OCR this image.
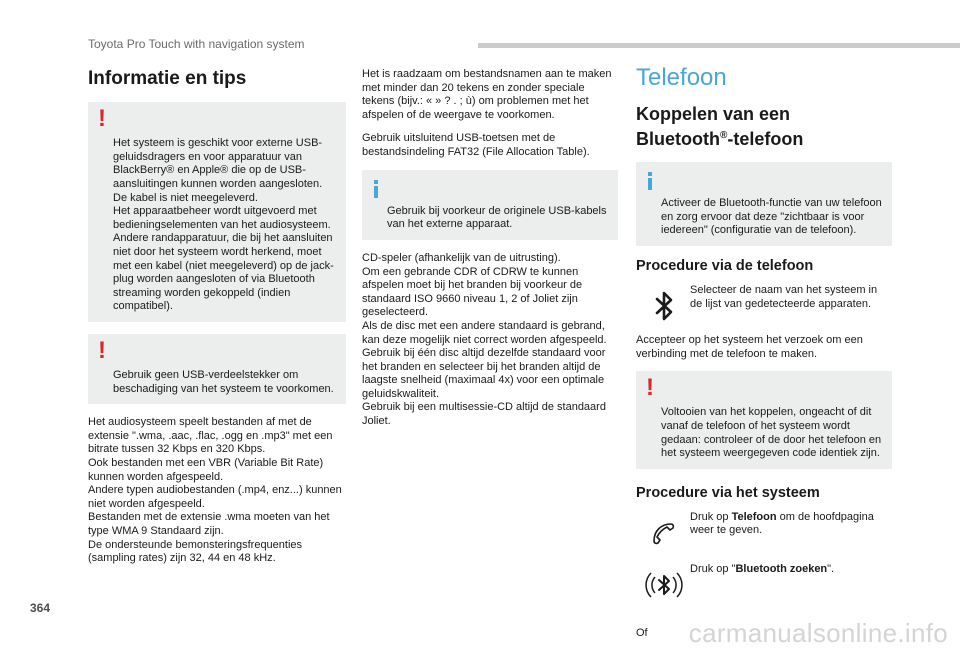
Toyota Pro Touch with navigation system
Informatie en tips

!

Het systeem is geschikt voor externe USB-geluidsdragers en voor apparatuur van BlackBerry® en Apple® die op de USB-aansluitingen kunnen worden aangesloten. De kabel is niet meegeleverd.
Het apparaatbeheer wordt uitgevoerd met bedieningselementen van het audiosysteem.
Andere randapparatuur, die bij het aansluiten niet door het systeem wordt herkend, moet met een kabel (niet meegeleverd) op de jack-plug worden aangesloten of via Bluetooth streaming worden gekoppeld (indien compatibel).

!

Gebruik geen USB-verdeelstekker om beschadiging van het systeem te voorkomen.

Het audiosysteem speelt bestanden af met de extensie ".wma, .aac, .flac, .ogg en .mp3" met een bitrate tussen 32 Kbps en 320 Kbps.
Ook bestanden met een VBR (Variable Bit Rate) kunnen worden afgespeeld.
Andere typen audiobestanden (.mp4, enz...) kunnen niet worden afgespeeld.
Bestanden met de extensie .wma moeten van het type WMA 9 Standaard zijn.
De ondersteunde bemonsteringsfrequenties (sampling rates) zijn 32, 44 en 48 kHz.

Het is raadzaam om bestandsnamen aan te maken met minder dan 20 tekens en zonder speciale tekens (bijv.: « » ? . ; ù) om problemen met het afspelen of de weergave te voorkomen.

Gebruik uitsluitend USB-toetsen met de bestandsindeling FAT32 (File Allocation Table).

Gebruik bij voorkeur de originele USB-kabels van het externe apparaat.

CD-speler (afhankelijk van de uitrusting).
Om een gebrande CDR of CDRW te kunnen afspelen moet bij het branden bij voorkeur de standaard ISO 9660 niveau 1, 2 of Joliet zijn geselecteerd.
Als de disc met een andere standaard is gebrand, kan deze mogelijk niet correct worden afgespeeld.
Gebruik bij één disc altijd dezelfde standaard voor het branden en selecteer bij het branden altijd de laagste snelheid (maximaal 4x) voor een optimale geluidskwaliteit.
Gebruik bij een multisessie-CD altijd de standaard Joliet.

Telefoon
Koppelen van een Bluetooth®-telefoon

Activeer de Bluetooth-functie van uw telefoon en zorg ervoor dat deze "zichtbaar is voor iedereen" (configuratie van de telefoon).

Procedure via de telefoon
Selecteer de naam van het systeem in de lijst van gedetecteerde apparaten.

Accepteer op het systeem het verzoek om een verbinding met de telefoon te maken.

!

Voltooien van het koppelen, ongeacht of dit vanaf de telefoon of het systeem wordt gedaan: controleer of de door het telefoon en het systeem weergegeven code identiek zijn.

Procedure via het systeem
Druk op Telefoon om de hoofdpagina weer te geven.
Druk op "Bluetooth zoeken".

Of

364
carmanualsonline.info
